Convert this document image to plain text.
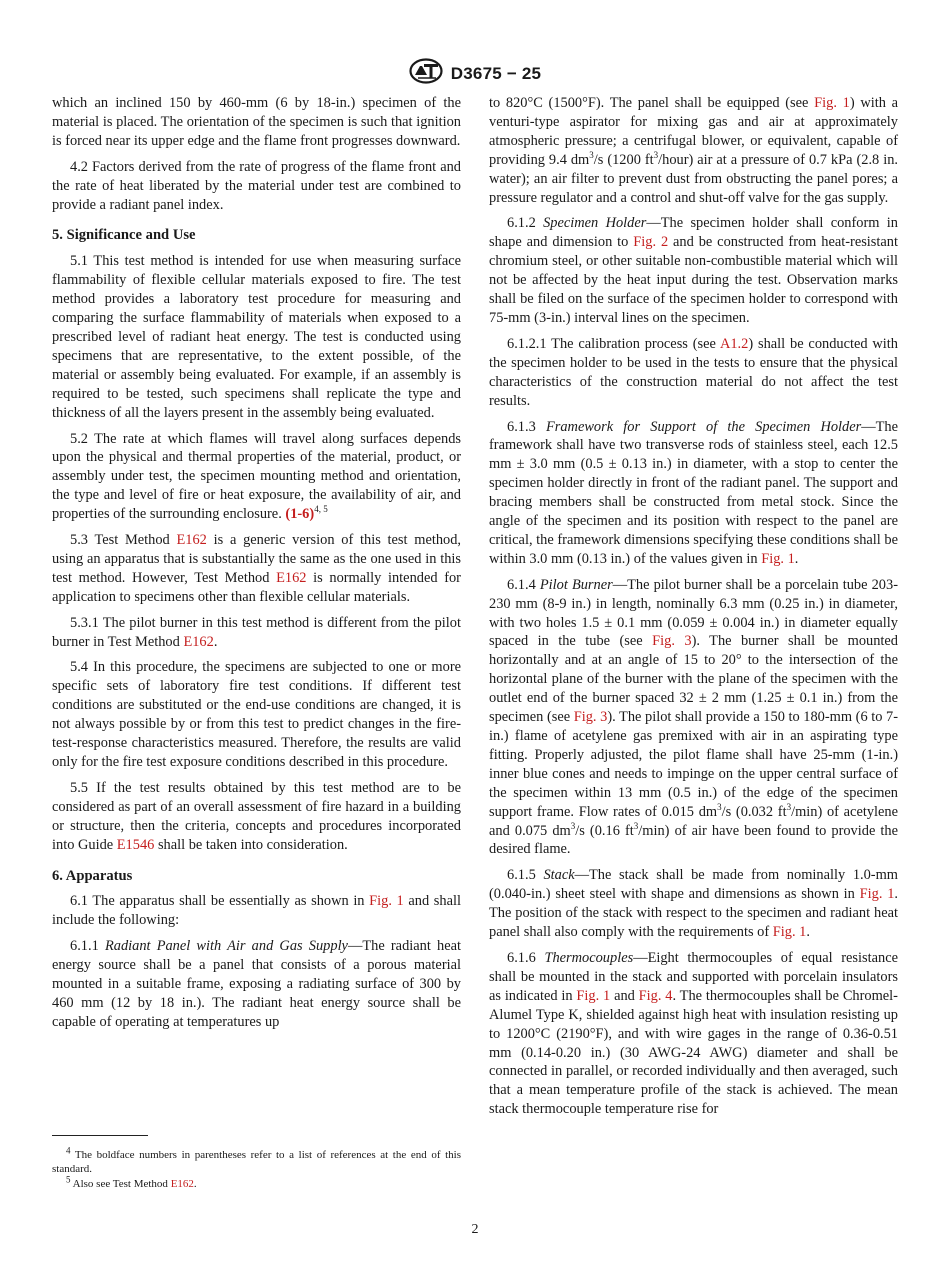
D3675 − 25

which an inclined 150 by 460-mm (6 by 18-in.) specimen of the material is placed. The orientation of the specimen is such that ignition is forced near its upper edge and the flame front progresses downward.

4.2 Factors derived from the rate of progress of the flame front and the rate of heat liberated by the material under test are combined to provide a radiant panel index.

5. Significance and Use

5.1 This test method is intended for use when measuring surface flammability of flexible cellular materials exposed to fire. The test method provides a laboratory test procedure for measuring and comparing the surface flammability of materials when exposed to a prescribed level of radiant heat energy. The test is conducted using specimens that are representative, to the extent possible, of the material or assembly being evaluated. For example, if an assembly is required to be tested, such specimens shall replicate the type and thickness of all the layers present in the assembly being evaluated.

5.2 The rate at which flames will travel along surfaces depends upon the physical and thermal properties of the material, product, or assembly under test, the specimen mounting method and orientation, the type and level of fire or heat exposure, the availability of air, and properties of the surrounding enclosure. $(1-6)^{4, 5}$

5.3 Test Method E162 is a generic version of this test method, using an apparatus that is substantially the same as the one used in this test method. However, Test Method E162 is normally intended for application to specimens other than flexible cellular materials.

5.3.1 The pilot burner in this test method is different from the pilot burner in Test Method E162.

5.4 In this procedure, the specimens are subjected to one or more specific sets of laboratory fire test conditions. If different test conditions are substituted or the end-use conditions are changed, it is not always possible by or from this test to predict changes in the fire-test-response characteristics measured. Therefore, the results are valid only for the fire test exposure conditions described in this procedure.

5.5 If the test results obtained by this test method are to be considered as part of an overall assessment of fire hazard in a building or structure, then the criteria, concepts and procedures incorporated into Guide E1546 shall be taken into consideration.

6. Apparatus

6.1 The apparatus shall be essentially as shown in Fig. 1 and shall include the following:

6.1.1 Radiant Panel with Air and Gas Supply—The radiant heat energy source shall be a panel that consists of a porous material mounted in a suitable frame, exposing a radiating surface of 300 by 460 mm (12 by 18 in.). The radiant heat energy source shall be capable of operating at temperatures up

to 820°C (1500°F). The panel shall be equipped (see Fig. 1) with a venturi-type aspirator for mixing gas and air at approximately atmospheric pressure; a centrifugal blower, or equivalent, capable of providing 9.4 $dm^3/s$ (1200 $ft^3/hour$) air at a pressure of 0.7 kPa (2.8 in. water); an air filter to prevent dust from obstructing the panel pores; a pressure regulator and a control and shut-off valve for the gas supply.

6.1.2 Specimen Holder—The specimen holder shall conform in shape and dimension to Fig. 2 and be constructed from heat-resistant chromium steel, or other suitable non-combustible material which will not be affected by the heat input during the test. Observation marks shall be filed on the surface of the specimen holder to correspond with 75-mm (3-in.) interval lines on the specimen.

6.1.2.1 The calibration process (see A1.2) shall be conducted with the specimen holder to be used in the tests to ensure that the physical characteristics of the construction material do not affect the test results.

6.1.3 Framework for Support of the Specimen Holder—The framework shall have two transverse rods of stainless steel, each 12.5 mm ± 3.0 mm (0.5 ± 0.13 in.) in diameter, with a stop to center the specimen holder directly in front of the radiant panel. The support and bracing members shall be constructed from metal stock. Since the angle of the specimen and its position with respect to the panel are critical, the framework dimensions specifying these conditions shall be within 3.0 mm (0.13 in.) of the values given in Fig. 1.

6.1.4 Pilot Burner—The pilot burner shall be a porcelain tube 203-230 mm (8-9 in.) in length, nominally 6.3 mm (0.25 in.) in diameter, with two holes 1.5 ± 0.1 mm (0.059 ± 0.004 in.) in diameter equally spaced in the tube (see Fig. 3). The burner shall be mounted horizontally and at an angle of 15 to 20° to the intersection of the horizontal plane of the burner with the plane of the specimen with the outlet end of the burner spaced 32 ± 2 mm (1.25 ± 0.1 in.) from the specimen (see Fig. 3). The pilot shall provide a 150 to 180-mm (6 to 7-in.) flame of acetylene gas premixed with air in an aspirating type fitting. Properly adjusted, the pilot flame shall have 25-mm (1-in.) inner blue cones and needs to impinge on the upper central surface of the specimen within 13 mm (0.5 in.) of the edge of the specimen support frame. Flow rates of 0.015 $dm^3/s$ (0.032 $ft^3/\min$) of acetylene and 0.075 $dm^3/s$ (0.16 $ft^3/\min$) of air have been found to provide the desired flame.

6.1.5 Stack—The stack shall be made from nominally 1.0-mm (0.040-in.) sheet steel with shape and dimensions as shown in Fig. 1. The position of the stack with respect to the specimen and radiant heat panel shall also comply with the requirements of Fig. 1.

6.1.6 Thermocouples—Eight thermocouples of equal resistance shall be mounted in the stack and supported with porcelain insulators as indicated in Fig. 1 and Fig. 4. The thermocouples shall be Chromel-Alumel Type K, shielded against high heat with insulation resisting up to 1200°C (2190°F), and with wire gages in the range of 0.36-0.51 mm (0.14-0.20 in.) (30 AWG-24 AWG) diameter and shall be connected in parallel, or recorded individually and then averaged, such that a mean temperature profile of the stack is achieved. The mean stack thermocouple temperature rise for

$^4$ The boldface numbers in parentheses refer to a list of references at the end of this standard.

$^5$ Also see Test Method E162.

2
